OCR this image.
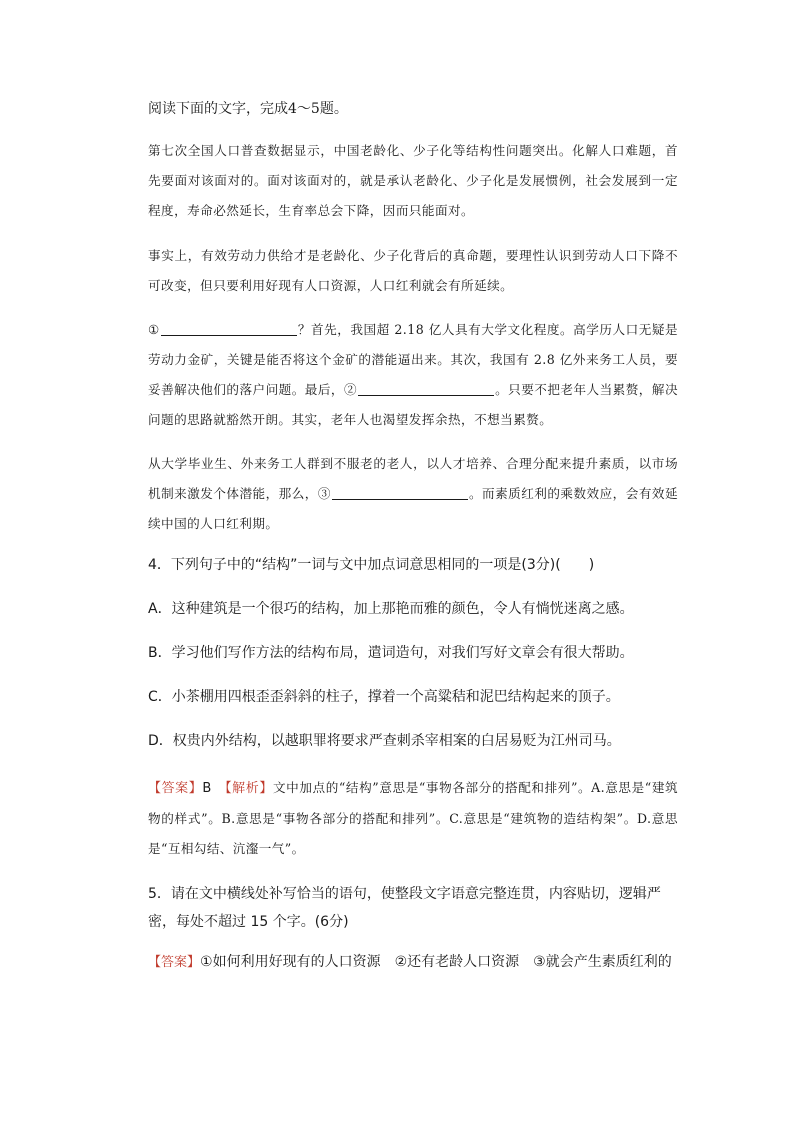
阅读下面的文字，完成4～5题。

第七次全国人口普查数据显示，中国老龄化、少子化等结构性问题突出。化解人口难题，首先要面对该面对的。面对该面对的，就是承认老龄化、少子化是发展惯例，社会发展到一定程度，寿命必然延长，生育率总会下降，因而只能面对。

事实上，有效劳动力供给才是老龄化、少子化背后的真命题，要理性认识到劳动人口下降不可改变，但只要利用好现有人口资源，人口红利就会有所延续。

①	？首先，我国超 2.18 亿人具有大学文化程度。高学历人口无疑是劳动力金矿，关键是能否将这个金矿的潜能逼出来。其次，我国有 2.8 亿外来务工人员，要妥善解决他们的落户问题。最后，②	。只要不把老年人当累赘，解决问题的思路就豁然开朗。其实，老年人也渴望发挥余热，不想当累赘。

从大学毕业生、外来务工人群到不服老的老人，以人才培养、合理分配来提升素质，以市场机制来激发个体潜能，那么，③	。而素质红利的乘数效应，会有效延续中国的人口红利期。

4．下列句子中的“结构”一词与文中加点词意思相同的一项是(3分)(　　)

A．这种建筑是一个很巧的结构，加上那艳而雅的颜色，令人有惝恍迷离之感。

B．学习他们写作方法的结构布局，遣词造句，对我们写好文章会有很大帮助。

C．小茶棚用四根歪歪斜斜的柱子，撑着一个高粱秸和泥巴结构起来的顶子。

D．权贵内外结构，以越职罪将要求严查刺杀宰相案的白居易贬为江州司马。

【答案】B　 【解析】文中加点的“结构”意思是“事物各部分的搭配和排列”。A.意思是“建筑物的样式”。B.意思是“事物各部分的搭配和排列”。C.意思是“建筑物的造结构架”。D.意思是“互相勾结、沆瀣一气”。

5．请在文中横线处补写恰当的语句，使整段文字语意完整连贯，内容贴切，逻辑严密，每处不超过 15 个字。(6分)

【答案】①如何利用好现有的人口资源 ②还有老龄人口资源 ③就会产生素质红利的
